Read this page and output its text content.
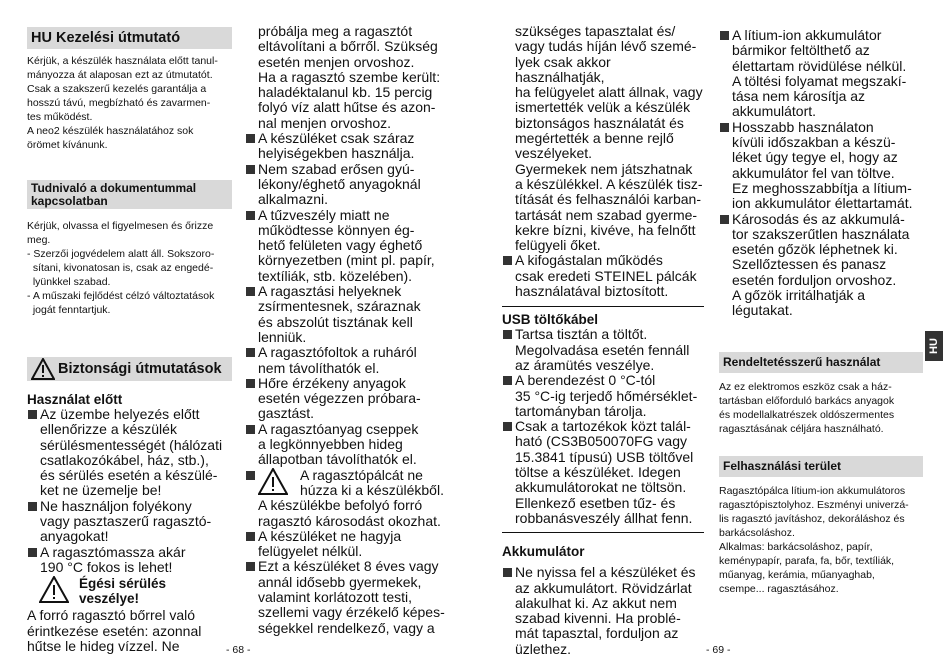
HU Kezelési útmutató
Kérjük, a készülék használata előtt tanul-
mányozza át alaposan ezt az útmutatót.
Csak a szakszerű kezelés garantálja a
hosszú távú, megbízható és zavarmen-
tes működést.
A neo2 készülék használatához sok
örömet kívánunk.
Tudnivaló a dokumentummal
kapcsolatban
Kérjük, olvassa el figyelmesen és őrizze
meg.
- Szerzői jogvédelem alatt áll. Sokszoro-
sítani, kivonatosan is, csak az engedé-
lyünkkel szabad.
- A műszaki fejlődést célzó változtatások
jogát fenntartjuk.
Biztonsági útmutatások
Használat előtt
Az üzembe helyezés előtt
ellenőrizze a készülék
sérülésmentességét (hálózati
csatlakozókábel, ház, stb.),
és sérülés esetén a készülé-
ket ne üzemelje be!
Ne használjon folyékony
vagy pasztaszerű ragasztó-
anyagokat!
A ragasztómassza akár
190 °C fokos is lehet!
Égési sérülés
veszélye!
A forró ragasztó bőrrel való
érintkezése esetén: azonnal
hűtse le hideg vízzel. Ne
próbálja meg a ragasztót
eltávolítani a bőrről. Szükség
esetén menjen orvoshoz.
Ha a ragasztó szembe került:
haladéktalanul kb. 15 percig
folyó víz alatt hűtse és azon-
nal menjen orvoshoz.
A készüléket csak száraz
helyiségekben használja.
Nem szabad erősen gyú-
lékony/éghető anyagoknál
alkalmazni.
A tűzveszély miatt ne
működtesse könnyen ég-
hető felületen vagy éghető
környezetben (mint pl. papír,
textíliák, stb. közelében).
A ragasztási helyeknek
zsírmentesnek, száraznak
és abszolút tisztának kell
lenniük.
A ragasztófoltok a ruháról
nem távolíthatók el.
Hőre érzékeny anyagok
esetén végezzen próbara-
gasztást.
A ragasztóanyag cseppek
a legkönnyebben hideg
állapotban távolíthatók el.
A ragasztópálcát ne
húzza ki a készülékből.
A készülékbe befolyó forró
ragasztó károsodást okozhat.
A készüléket ne hagyja
felügyelet nélkül.
Ezt a készüléket 8 éves vagy
annál idősebb gyermekek,
valamint korlátozott testi,
szellemi vagy érzékelő képes-
ségekkel rendelkező, vagy a
- 68 -
szükséges tapasztalat és/
vagy tudás híján lévő szemé-
lyek csak akkor használhatják,
ha felügyelet alatt állnak, vagy
ismertették velük a készülék
biztonságos használatát és
megértették a benne rejlő
veszélyeket.
Gyermekek nem játszhatnak
a készülékkel. A készülék tisz-
títását és felhasználói karban-
tartását nem szabad gyerme-
kekre bízni, kivéve, ha felnőtt
felügyeli őket.
A kifogástalan működés
csak eredeti STEINEL pálcák
használatával biztosított.
USB töltőkábel
Tartsa tisztán a töltőt.
Megolvadása esetén fennáll
az áramütés veszélye.
A berendezést 0 °C-tól
35 °C-ig terjedő hőmérséklet-
tartományban tárolja.
Csak a tartozékok közt talál-
ható (CS3B050070FG vagy
15.3841 típusú) USB töltővel
töltse a készüléket. Idegen
akkumulátorokat ne töltsön.
Ellenkező esetben tűz- és
robbanásveszély állhat fenn.
Akkumulátor
Ne nyissa fel a készüléket és
az akkumulátort. Rövidzárlat
alakulhat ki. Az akkut nem
szabad kivenni. Ha problé-
mát tapasztal, forduljon az
üzlethez.
A lítium-ion akkumulátor
bármikor feltölthető az
élettartam rövidülése nélkül.
A töltési folyamat megszakí-
tása nem károsítja az
akkumulátort.
Hosszabb használaton
kívüli időszakban a készü-
léket úgy tegye el, hogy az
akkumulátor fel van töltve.
Ez meghosszabbítja a lítium-
ion akkumulátor élettartamát.
Károsodás és az akkumulá-
tor szakszerűtlen használata
esetén gőzök léphetnek ki.
Szellőztessen és panasz
esetén forduljon orvoshoz.
A gőzök irritálhatják a
légutakat.
Rendeltetésszerű használat
Az ez elektromos eszköz csak a ház-
tartásban előforduló barkács anyagok
és modellalkatrészek oldószermentes
ragasztásának céljára használható.
Felhasználási terület
Ragasztópálca lítium-ion akkumulátoros
ragasztópisztolyhoz. Eszményi univerzá-
lis ragasztó javításhoz, dekoráláshoz és
barkácsoláshoz.
Alkalmas: barkácsoláshoz, papír,
keménypapír, parafa, fa, bőr, textíliák,
műanyag, kerámia, műanyaghab,
csempe... ragasztásához.
HU
- 69 -
